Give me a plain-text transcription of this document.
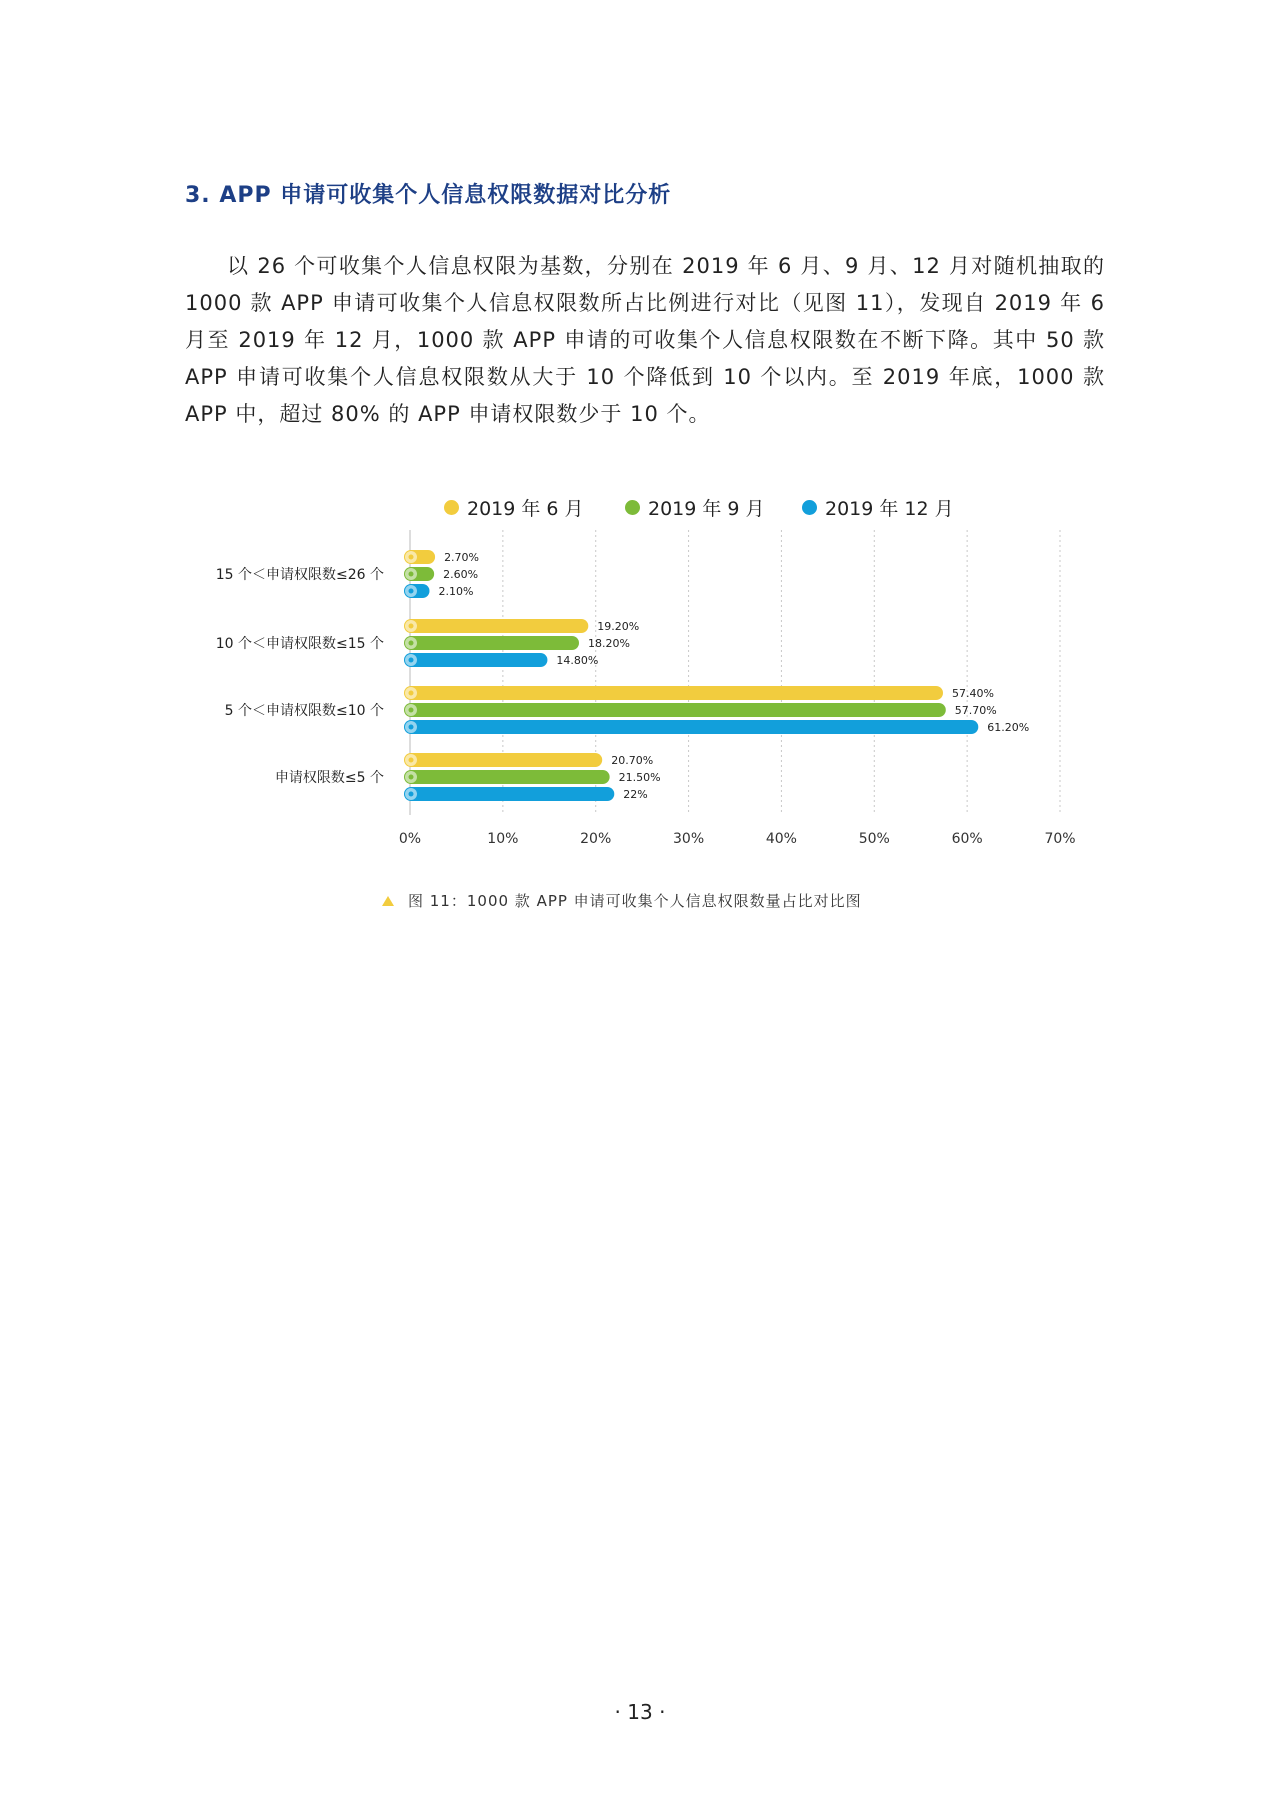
3. APP 申请可收集个人信息权限数据对比分析

以 26 个可收集个人信息权限为基数，分别在 2019 年 6 月、9 月、12 月对随机抽取的 1000 款 APP 申请可收集个人信息权限数所占比例进行对比（见图 11），发现自 2019 年 6 月至 2019 年 12 月，1000 款 APP 申请的可收集个人信息权限数在不断下降。其中 50 款 APP 申请可收集个人信息权限数从大于 10 个降低到 10 个以内。至 2019 年底，1000 款 APP 中，超过 80% 的 APP 申请权限数少于 10 个。

2019 年 6 月	2019 年 9 月	2019 年 12 月
0%	10%	20%	30%	40%	50%	60%	70%
15 个＜申请权限数≤26 个
2.70%
2.60%
2.10%
10 个＜申请权限数≤15 个
19.20%
18.20%
14.80%
5 个＜申请权限数≤10 个
57.40%
57.70%
61.20%
申请权限数≤5 个
20.70%
21.50%
22%
图 11：1000 款 APP 申请可收集个人信息权限数量占比对比图
· 13 ·
